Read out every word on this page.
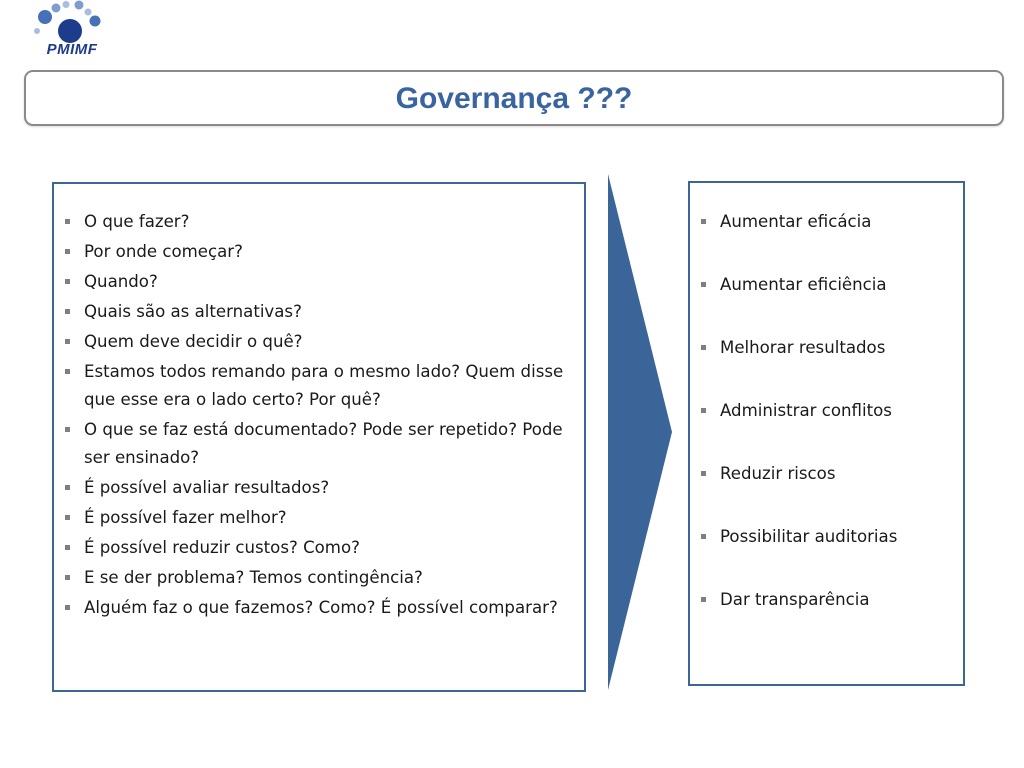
PMIMF
Governança ???
O que fazer?
Por onde começar?
Quando?
Quais são as alternativas?
Quem deve decidir o quê?
Estamos todos remando para o mesmo lado? Quem disse que esse era o lado certo? Por quê?
O que se faz está documentado? Pode ser repetido? Pode ser ensinado?
É possível avaliar resultados?
É possível fazer melhor?
É possível reduzir custos? Como?
E se der problema? Temos contingência?
Alguém faz o que fazemos? Como? É possível comparar?
Aumentar eficácia
Aumentar eficiência
Melhorar resultados
Administrar conflitos
Reduzir riscos
Possibilitar auditorias
Dar transparência
